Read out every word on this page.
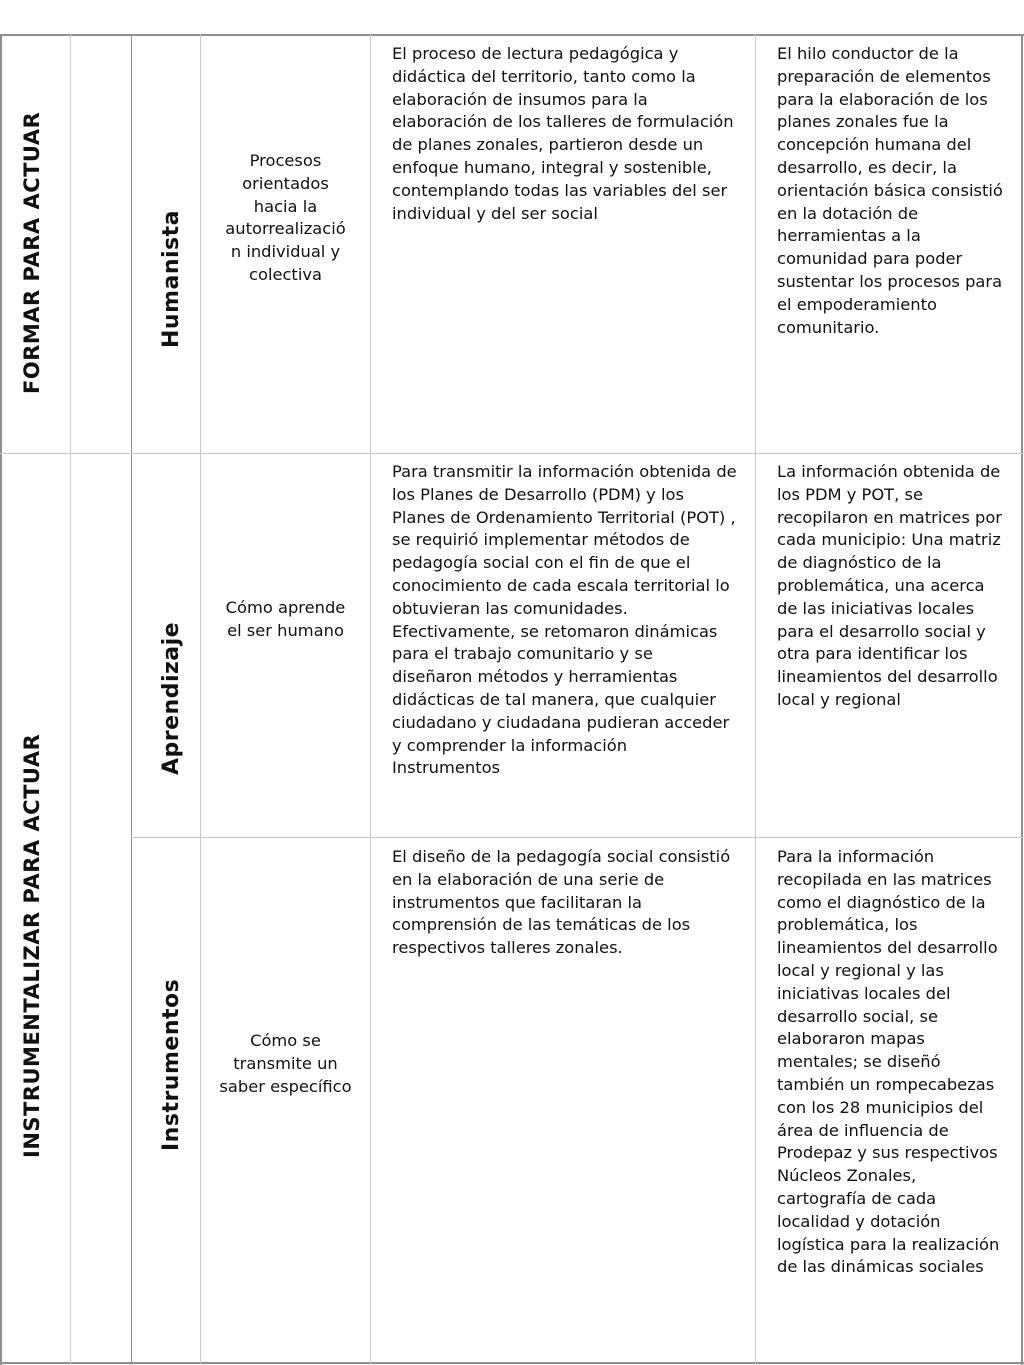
FORMAR PARA ACTUAR
INSTRUMENTALIZAR PARA ACTUAR
Humanista
Aprendizaje
Instrumentos
Procesos orientados hacia la autorrealizació n individual y colectiva
Cómo aprende el ser humano
Cómo se transmite un saber específico
El proceso de lectura pedagógica y didáctica del territorio, tanto como la elaboración de insumos para la elaboración de los talleres de formulación de planes zonales, partieron desde un enfoque humano, integral y sostenible, contemplando todas las variables del ser individual y del ser social
Para transmitir la información obtenida de los Planes de Desarrollo (PDM) y los Planes de Ordenamiento Territorial (POT) , se requirió implementar métodos de pedagogía social con el fin de que el conocimiento de cada escala territorial lo obtuvieran las comunidades. Efectivamente, se retomaron dinámicas para el trabajo comunitario y se diseñaron métodos y herramientas didácticas de tal manera, que cualquier ciudadano y ciudadana pudieran acceder y comprender la información Instrumentos
El diseño de la pedagogía social consistió en la elaboración de una serie de instrumentos que facilitaran la comprensión de las temáticas de los respectivos talleres zonales.
El hilo conductor de la preparación de elementos para la elaboración de los planes zonales fue la concepción humana del desarrollo, es decir, la orientación básica consistió en la dotación de herramientas a la comunidad para poder sustentar los procesos para el empoderamiento comunitario.
La información obtenida de los PDM y POT, se recopilaron en matrices por cada municipio: Una matriz de diagnóstico de la problemática, una acerca de las iniciativas locales para el desarrollo social y otra para identificar los lineamientos del desarrollo local y regional
Para la información recopilada en las matrices como el diagnóstico de la problemática, los lineamientos del desarrollo local y regional y las iniciativas locales del desarrollo social, se elaboraron mapas mentales; se diseñó también un rompecabezas con los 28 municipios del área de influencia de Prodepaz y sus respectivos Núcleos Zonales, cartografía de cada localidad y dotación logística para la realización de las dinámicas sociales
